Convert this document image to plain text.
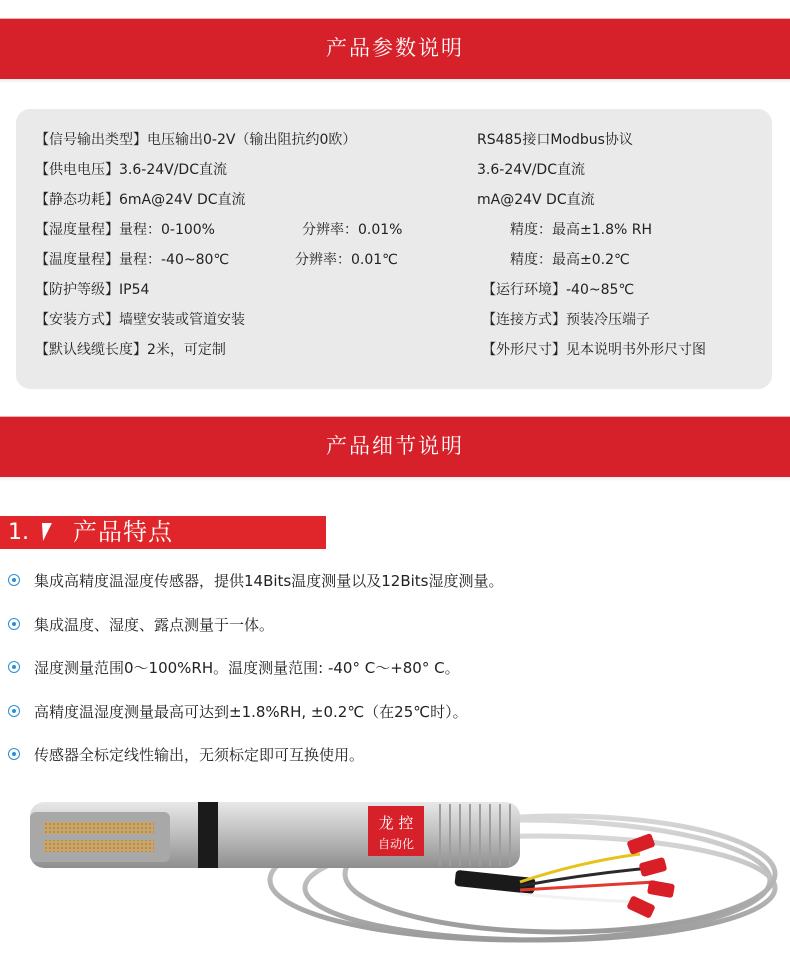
产品参数说明
【信号输出类型】电压输出0-2V（输出阻抗约0欧）	RS485接口Modbus协议
【供电电压】3.6-24V/DC直流	3.6-24V/DC直流
【静态功耗】6mA@24V DC直流	mA@24V DC直流
【湿度量程】量程：0-100%	分辨率：0.01%	精度：最高±1.8% RH
【温度量程】量程：-40~80℃	分辨率：0.01℃	精度：最高±0.2℃
【防护等级】IP54	【运行环境】-40~85℃
【安装方式】墙壁安装或管道安装	【连接方式】预装冷压端子
【默认线缆长度】2米，可定制	【外形尺寸】见本说明书外形尺寸图
产品细节说明
1. 产品特点
集成高精度温湿度传感器，提供14Bits温度测量以及12Bits湿度测量。
集成温度、湿度、露点测量于一体。
湿度测量范围0～100%RH。温度测量范围: -40° C～+80° C。
高精度温湿度测量最高可达到±1.8%RH, ±0.2℃（在25℃时）。
传感器全标定线性输出，无须标定即可互换使用。
龙 控
自动化
